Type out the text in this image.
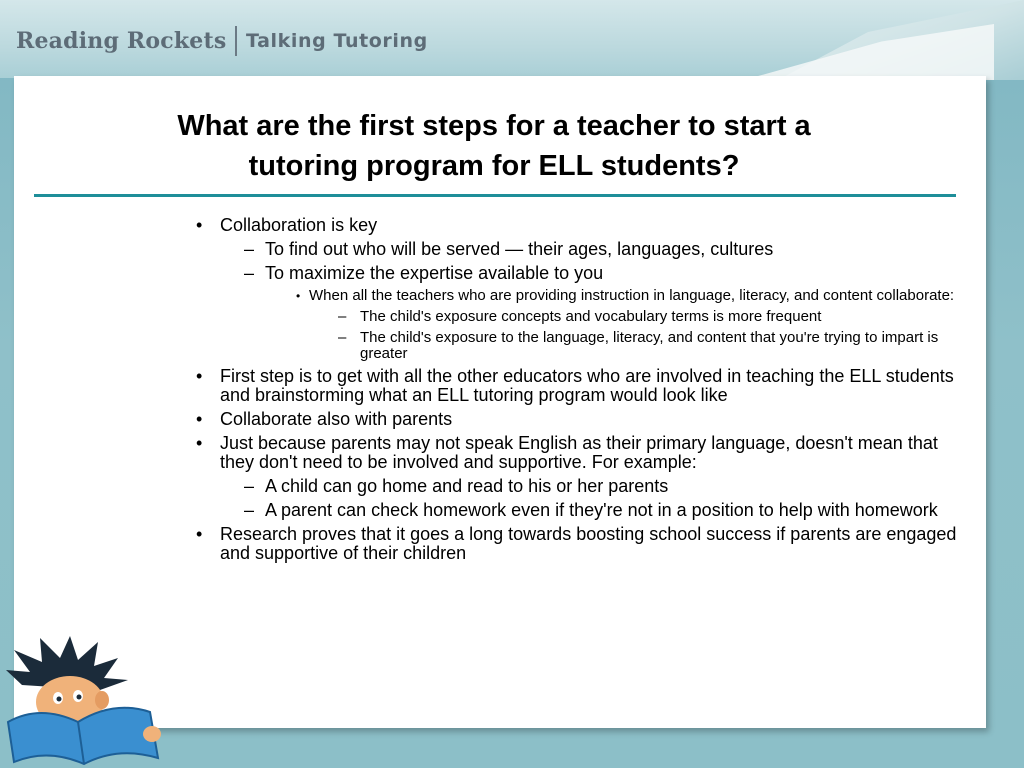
Reading Rockets Talking Tutoring
What are the first steps for a teacher to start a
tutoring program for ELL students?
• Collaboration is key
– To find out who will be served — their ages, languages, cultures
– To maximize the expertise available to you
• When all the teachers who are providing instruction in language, literacy, and content collaborate:
– The child's exposure concepts and vocabulary terms is more frequent
– The child's exposure to the language, literacy, and content that you're trying to impart is greater
• First step is to get with all the other educators who are involved in teaching the ELL students and brainstorming what an ELL tutoring program would look like
• Collaborate also with parents
• Just because parents may not speak English as their primary language, doesn't mean that they don't need to be involved and supportive. For example:
– A child can go home and read to his or her parents
– A parent can check homework even if they're not in a position to help with homework
• Research proves that it goes a long towards boosting school success if parents are engaged and supportive of their children
